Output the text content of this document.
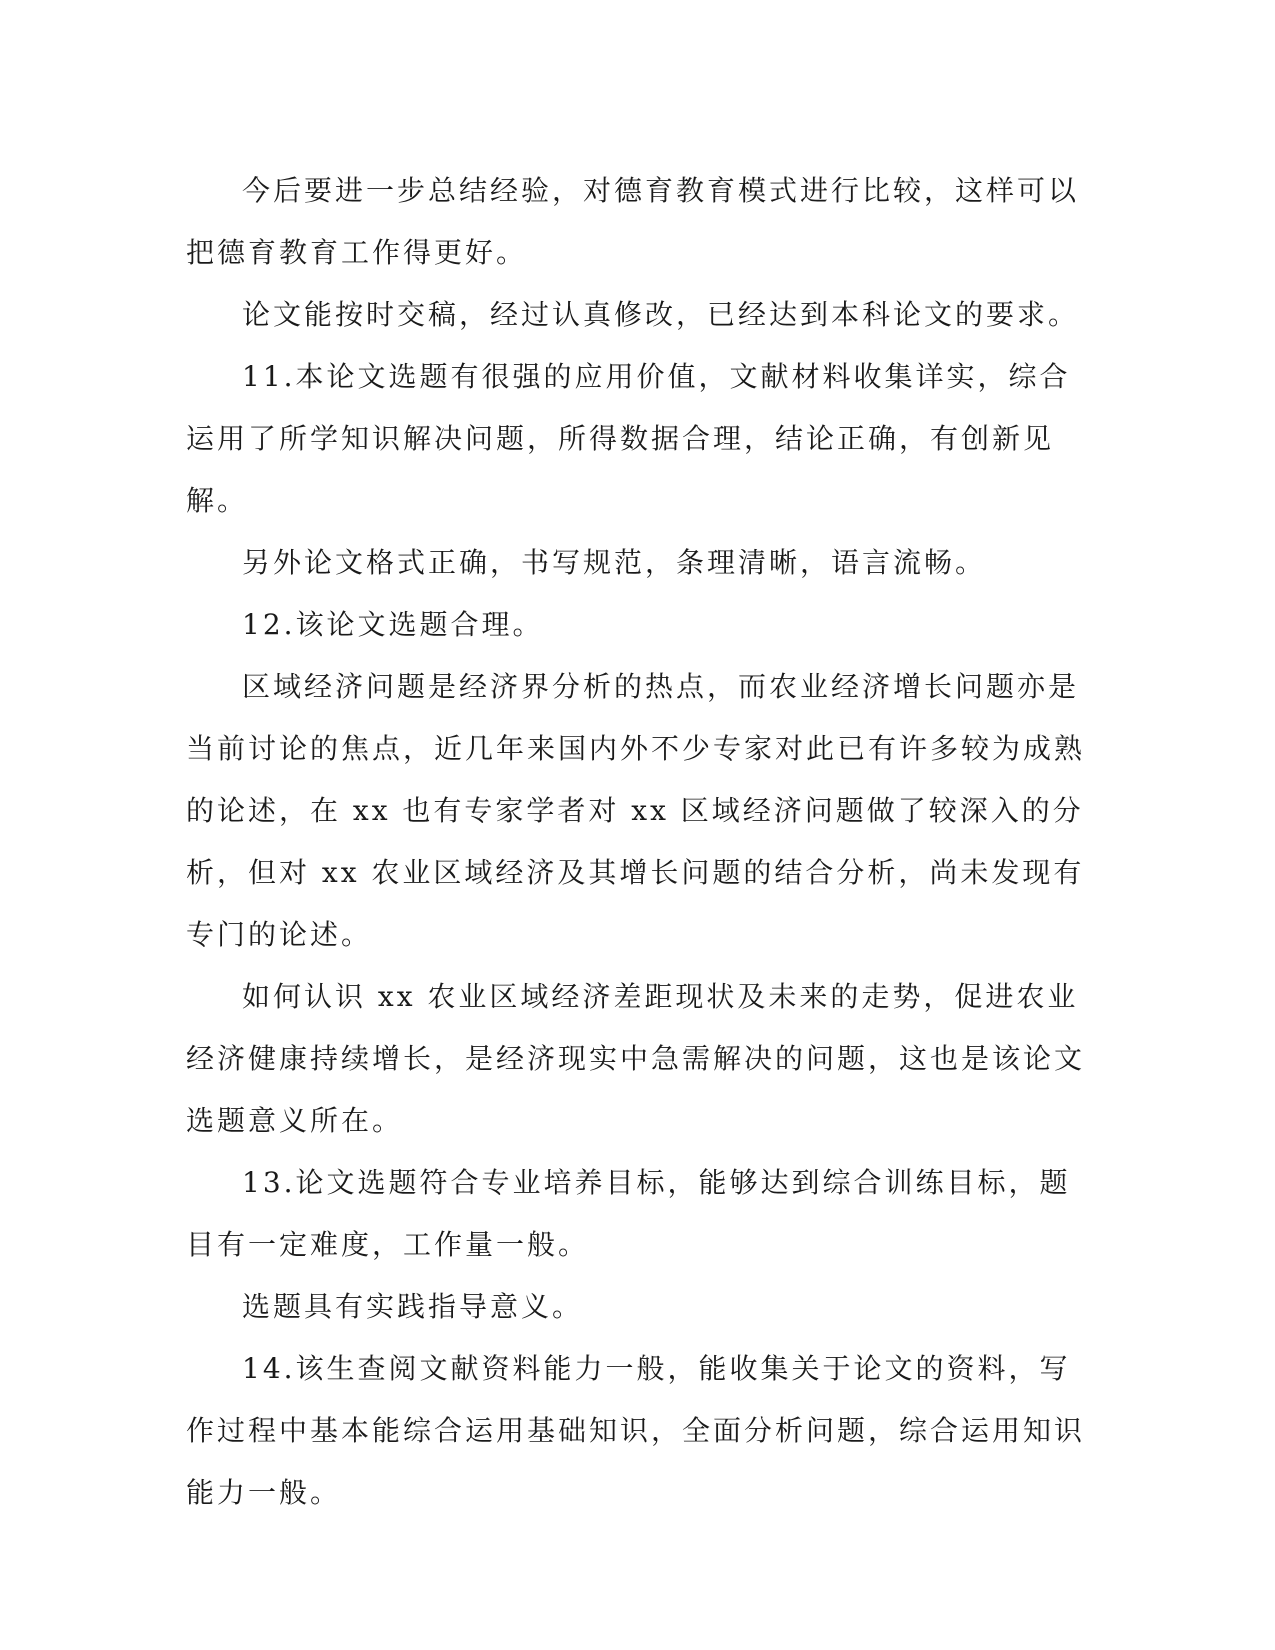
今后要进一步总结经验，对德育教育模式进行比较，这样可以把德育教育工作得更好。

论文能按时交稿，经过认真修改，已经达到本科论文的要求。

11.本论文选题有很强的应用价值，文献材料收集详实，综合运用了所学知识解决问题，所得数据合理，结论正确，有创新见解。

另外论文格式正确，书写规范，条理清晰，语言流畅。

12.该论文选题合理。

区域经济问题是经济界分析的热点，而农业经济增长问题亦是当前讨论的焦点，近几年来国内外不少专家对此已有许多较为成熟的论述，在 xx 也有专家学者对 xx 区域经济问题做了较深入的分析，但对 xx 农业区域经济及其增长问题的结合分析，尚未发现有专门的论述。

如何认识 xx 农业区域经济差距现状及未来的走势，促进农业经济健康持续增长，是经济现实中急需解决的问题，这也是该论文选题意义所在。

13.论文选题符合专业培养目标，能够达到综合训练目标，题目有一定难度，工作量一般。

选题具有实践指导意义。

14.该生查阅文献资料能力一般，能收集关于论文的资料，写作过程中基本能综合运用基础知识，全面分析问题，综合运用知识能力一般。
